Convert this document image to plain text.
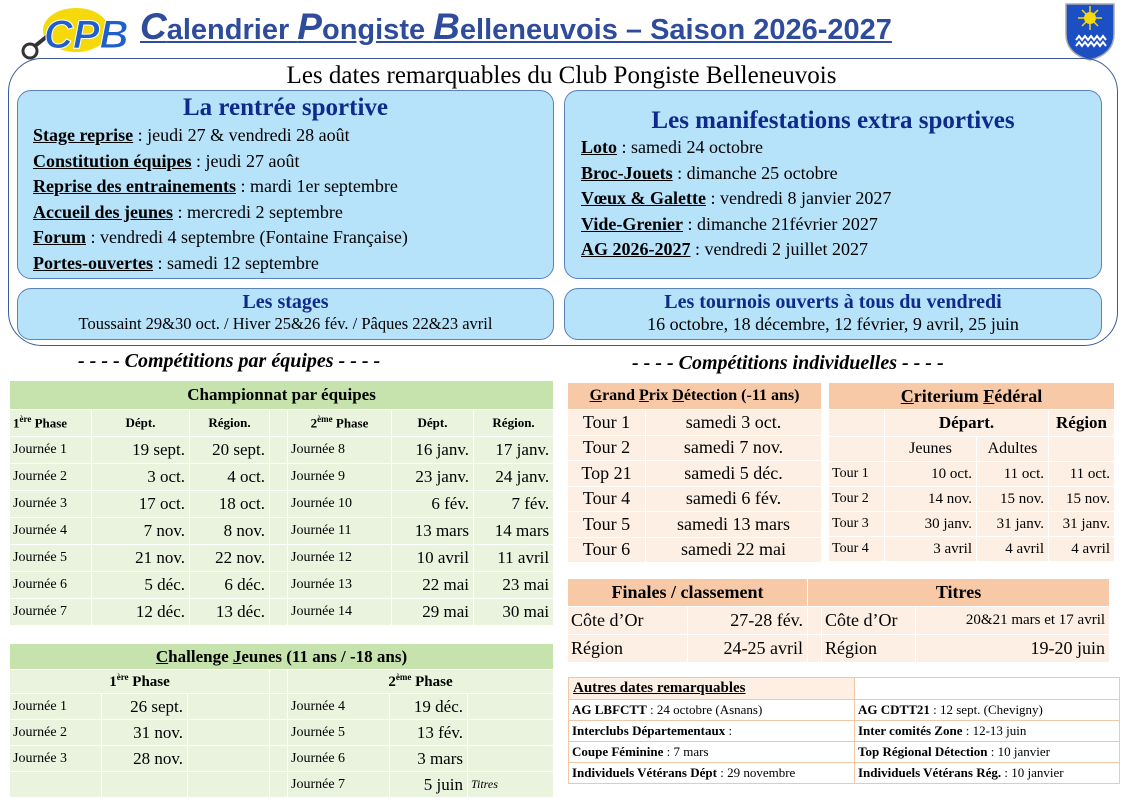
CPB Calendrier Pongiste Belleneuvois – Saison 2026-2027
Les dates remarquables du Club Pongiste Belleneuvois
La rentrée sportive
Stage reprise : jeudi 27 & vendredi 28 août
Constitution équipes : jeudi 27 août
Reprise des entrainements : mardi 1er septembre
Accueil des jeunes : mercredi 2 septembre
Forum : vendredi 4 septembre (Fontaine Française)
Portes-ouvertes : samedi 12 septembre
Les manifestations extra sportives
Loto : samedi 24 octobre
Broc-Jouets : dimanche 25 octobre
Vœux & Galette : vendredi 8 janvier 2027
Vide-Grenier : dimanche 21février 2027
AG 2026-2027 : vendredi 2 juillet 2027
Les stages
Toussaint 29&30 oct. / Hiver 25&26 fév. / Pâques 22&23 avril
Les tournois ouverts à tous du vendredi
16 octobre, 18 décembre, 12 février, 9 avril, 25 juin
- - - - Compétitions par équipes - - - -	- - - - Compétitions individuelles - - - -
Championnat par équipes						
1ère Phase	Dépt.	Région.		2ème Phase	Dépt.	Région.
Journée 1	19 sept.	20 sept.		Journée 8	16 janv.	17 janv.
Journée 2	3 oct.	4 oct.		Journée 9	23 janv.	24 janv.
Journée 3	17 oct.	18 oct.		Journée 10	6 fév.	7 fév.
Journée 4	7 nov.	8 nov.		Journée 11	13 mars	14 mars
Journée 5	21 nov.	22 nov.		Journée 12	10 avril	11 avril
Journée 6	5 déc.	6 déc.		Journée 13	22 mai	23 mai
Journée 7	12 déc.	13 déc.		Journée 14	29 mai	30 mai
Challenge Jeunes (11 ans / -18 ans)						
1ère Phase				2ème Phase		
Journée 1	26 sept.			Journée 4	19 déc.	
Journée 2	31 nov.			Journée 5	13 fév.	
Journée 3	28 nov.			Journée 6	3 mars	
				Journée 7	5 juin	Titres
Grand Prix Détection (-11 ans)	
Tour 1	samedi 3 oct.
Tour 2	samedi 7 nov.
Top 21	samedi 5 déc.
Tour 4	samedi 6 fév.
Tour 5	samedi 13 mars
Tour 6	samedi 22 mai
Criterium Fédéral			
	Départ.		Région
	Jeunes	Adultes	
Tour 1	10 oct.	11 oct.	11 oct.
Tour 2	14 nov.	15 nov.	15 nov.
Tour 3	30 janv.	31 janv.	31 janv.
Tour 4	3 avril	4 avril	4 avril
Finales / classement		Titres		
Côte d’Or	27-28 fév.		Côte d’Or	20&21 mars et 17 avril
Région	24-25 avril		Région	19-20 juin
Autres dates remarquables	
AG LBFCTT : 24 octobre (Asnans)	AG CDTT21 : 12 sept. (Chevigny)
Interclubs Départementaux :	Inter comités Zone : 12-13 juin
Coupe Féminine : 7 mars	Top Régional Détection : 10 janvier
Individuels Vétérans Dépt : 29 novembre	Individuels Vétérans Rég. : 10 janvier
